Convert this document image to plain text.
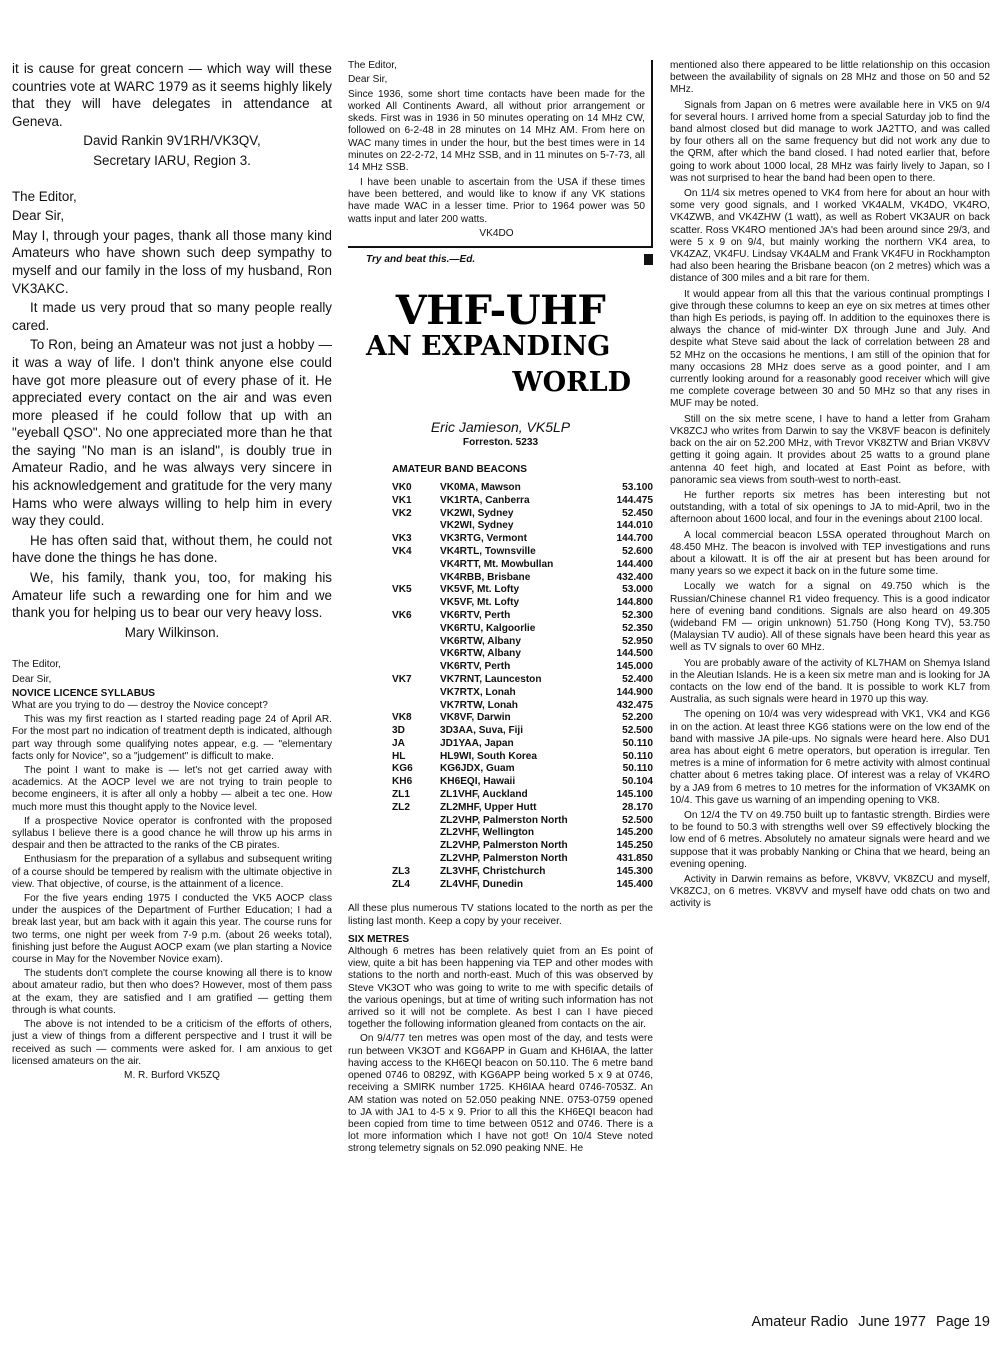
it is cause for great concern — which way will these countries vote at WARC 1979 as it seems highly likely that they will have delegates in attendance at Geneva.

David Rankin 9V1RH/VK3QV,

Secretary IARU, Region 3.

The Editor,

Dear Sir,

May I, through your pages, thank all those many kind Amateurs who have shown such deep sympathy to myself and our family in the loss of my husband, Ron VK3AKC.

It made us very proud that so many people really cared.

To Ron, being an Amateur was not just a hobby — it was a way of life. I don't think anyone else could have got more pleasure out of every phase of it. He appreciated every contact on the air and was even more pleased if he could follow that up with an "eyeball QSO". No one appreciated more than he that the saying "No man is an island", is doubly true in Amateur Radio, and he was always very sincere in his acknowledgement and gratitude for the very many Hams who were always willing to help him in every way they could.

He has often said that, without them, he could not have done the things he has done.

We, his family, thank you, too, for making his Amateur life such a rewarding one for him and we thank you for helping us to bear our very heavy loss.

Mary Wilkinson.

The Editor,

Dear Sir,

NOVICE LICENCE SYLLABUS

What are you trying to do — destroy the Novice concept?

This was my first reaction as I started reading page 24 of April AR. For the most part no indication of treatment depth is indicated, although part way through some qualifying notes appear, e.g. — "elementary facts only for Novice", so a "judgement" is difficult to make.

The point I want to make is — let's not get carried away with academics. At the AOCP level we are not trying to train people to become engineers, it is after all only a hobby — albeit a tec one. How much more must this thought apply to the Novice level.

If a prospective Novice operator is confronted with the proposed syllabus I believe there is a good chance he will throw up his arms in despair and then be attracted to the ranks of the CB pirates.

Enthusiasm for the preparation of a syllabus and subsequent writing of a course should be tempered by realism with the ultimate objective in view. That objective, of course, is the attainment of a licence.

For the five years ending 1975 I conducted the VK5 AOCP class under the auspices of the Department of Further Education; I had a break last year, but am back with it again this year. The course runs for two terms, one night per week from 7-9 p.m. (about 26 weeks total), finishing just before the August AOCP exam (we plan starting a Novice course in May for the November Novice exam).

The students don't complete the course knowing all there is to know about amateur radio, but then who does? However, most of them pass at the exam, they are satisfied and I am gratified — getting them through is what counts.

The above is not intended to be a criticism of the efforts of others, just a view of things from a different perspective and I trust it will be received as such — comments were asked for. I am anxious to get licensed amateurs on the air.

M. R. Burford VK5ZQ

The Editor,

Dear Sir,

Since 1936, some short time contacts have been made for the worked All Continents Award, all without prior arrangement or skeds. First was in 1936 in 50 minutes operating on 14 MHz CW, followed on 6-2-48 in 28 minutes on 14 MHz AM. From here on WAC many times in under the hour, but the best times were in 14 minutes on 22-2-72, 14 MHz SSB, and in 11 minutes on 5-7-73, all 14 MHz SSB.

I have been unable to ascertain from the USA if these times have been bettered, and would like to know if any VK stations have made WAC in a lesser time. Prior to 1964 power was 50 watts input and later 200 watts.

VK4DO

Try and beat this.—Ed.
VHF-UHF
AN EXPANDING
WORLD
Eric Jamieson, VK5LP
Forreston. 5233
AMATEUR BAND BEACONS
VK0	VK0MA, Mawson	53.100
VK1	VK1RTA, Canberra	144.475
VK2	VK2WI, Sydney	52.450
VK2WI, Sydney	144.010
VK3	VK3RTG, Vermont	144.700
VK4	VK4RTL, Townsville	52.600
VK4RTT, Mt. Mowbullan	144.400
VK4RBB, Brisbane	432.400
VK5	VK5VF, Mt. Lofty	53.000
VK5VF, Mt. Lofty	144.800
VK6	VK6RTV, Perth	52.300
VK6RTU, Kalgoorlie	52.350
VK6RTW, Albany	52.950
VK6RTW, Albany	144.500
VK6RTV, Perth	145.000
VK7	VK7RNT, Launceston	52.400
VK7RTX, Lonah	144.900
VK7RTW, Lonah	432.475
VK8	VK8VF, Darwin	52.200
3D	3D3AA, Suva, Fiji	52.500
JA	JD1YAA, Japan	50.110
HL	HL9WI, South Korea	50.110
KG6	KG6JDX, Guam	50.110
KH6	KH6EQI, Hawaii	50.104
ZL1	ZL1VHF, Auckland	145.100
ZL2	ZL2MHF, Upper Hutt	28.170
ZL2VHP, Palmerston North	52.500
ZL2VHF, Wellington	145.200
ZL2VHP, Palmerston North	145.250
ZL2VHP, Palmerston North	431.850
ZL3	ZL3VHF, Christchurch	145.300
ZL4	ZL4VHF, Dunedin	145.400

All these plus numerous TV stations located to the north as per the listing last month. Keep a copy by your receiver.

SIX METRES

Although 6 metres has been relatively quiet from an Es point of view, quite a bit has been happening via TEP and other modes with stations to the north and north-east. Much of this was observed by Steve VK3OT who was going to write to me with specific details of the various openings, but at time of writing such information has not arrived so it will not be complete. As best I can I have pieced together the following information gleaned from contacts on the air.

On 9/4/77 ten metres was open most of the day, and tests were run between VK3OT and KG6APP in Guam and KH6IAA, the latter having access to the KH6EQI beacon on 50.110. The 6 metre band opened 0746 to 0829Z, with KG6APP being worked 5 x 9 at 0746, receiving a SMIRK number 1725. KH6IAA heard 0746-7053Z. An AM station was noted on 52.050 peaking NNE. 0753-0759 opened to JA with JA1 to 4-5 x 9. Prior to all this the KH6EQI beacon had been copied from time to time between 0512 and 0746. There is a lot more information which I have not got! On 10/4 Steve noted strong telemetry signals on 52.090 peaking NNE. He

mentioned also there appeared to be little relationship on this occasion between the availability of signals on 28 MHz and those on 50 and 52 MHz.

Signals from Japan on 6 metres were available here in VK5 on 9/4 for several hours. I arrived home from a special Saturday job to find the band almost closed but did manage to work JA2TTO, and was called by four others all on the same frequency but did not work any due to the QRM, after which the band closed. I had noted earlier that, before going to work about 1000 local, 28 MHz was fairly lively to Japan, so I was not surprised to hear the band had been open to there.

On 11/4 six metres opened to VK4 from here for about an hour with some very good signals, and I worked VK4ALM, VK4DO, VK4RO, VK4ZWB, and VK4ZHW (1 watt), as well as Robert VK3AUR on back scatter. Ross VK4RO mentioned JA's had been around since 29/3, and were 5 x 9 on 9/4, but mainly working the northern VK4 area, to VK4ZAZ, VK4FU. Lindsay VK4ALM and Frank VK4FU in Rockhampton had also been hearing the Brisbane beacon (on 2 metres) which was a distance of 300 miles and a bit rare for them.

It would appear from all this that the various continual promptings I give through these columns to keep an eye on six metres at times other than high Es periods, is paying off. In addition to the equinoxes there is always the chance of mid-winter DX through June and July. And despite what Steve said about the lack of correlation between 28 and 52 MHz on the occasions he mentions, I am still of the opinion that for many occasions 28 MHz does serve as a good pointer, and I am currently looking around for a reasonably good receiver which will give me complete coverage between 30 and 50 MHz so that any rises in MUF may be noted.

Still on the six metre scene, I have to hand a letter from Graham VK8ZCJ who writes from Darwin to say the VK8VF beacon is definitely back on the air on 52.200 MHz, with Trevor VK8ZTW and Brian VK8VV getting it going again. It provides about 25 watts to a ground plane antenna 40 feet high, and located at East Point as before, with panoramic sea views from south-west to north-east.

He further reports six metres has been interesting but not outstanding, with a total of six openings to JA to mid-April, two in the afternoon about 1600 local, and four in the evenings about 2100 local.

A local commercial beacon L5SA operated throughout March on 48.450 MHz. The beacon is involved with TEP investigations and runs about a kilowatt. It is off the air at present but has been around for many years so we expect it back on in the future some time.

Locally we watch for a signal on 49.750 which is the Russian/Chinese channel R1 video frequency. This is a good indicator here of evening band conditions. Signals are also heard on 49.305 (wideband FM — origin unknown) 51.750 (Hong Kong TV), 53.750 (Malaysian TV audio). All of these signals have been heard this year as well as TV signals to over 60 MHz.

You are probably aware of the activity of KL7HAM on Shemya Island in the Aleutian Islands. He is a keen six metre man and is looking for JA contacts on the low end of the band. It is possible to work KL7 from Australia, as such signals were heard in 1970 up this way.

The opening on 10/4 was very widespread with VK1, VK4 and KG6 in on the action. At least three KG6 stations were on the low end of the band with massive JA pile-ups. No signals were heard here. Also DU1 area has about eight 6 metre operators, but operation is irregular. Ten metres is a mine of information for 6 metre activity with almost continual chatter about 6 metres taking place. Of interest was a relay of VK4RO by a JA9 from 6 metres to 10 metres for the information of VK3AMK on 10/4. This gave us warning of an impending opening to VK8.

On 12/4 the TV on 49.750 built up to fantastic strength. Birdies were to be found to 50.3 with strengths well over S9 effectively blocking the low end of 6 metres. Absolutely no amateur signals were heard and we suppose that it was probably Nanking or China that we heard, being an evening opening.

Activity in Darwin remains as before, VK8VV, VK8ZCU and myself, VK8ZCJ, on 6 metres. VK8VV and myself have odd chats on two and activity is

Amateur Radio June 1977 Page 19
